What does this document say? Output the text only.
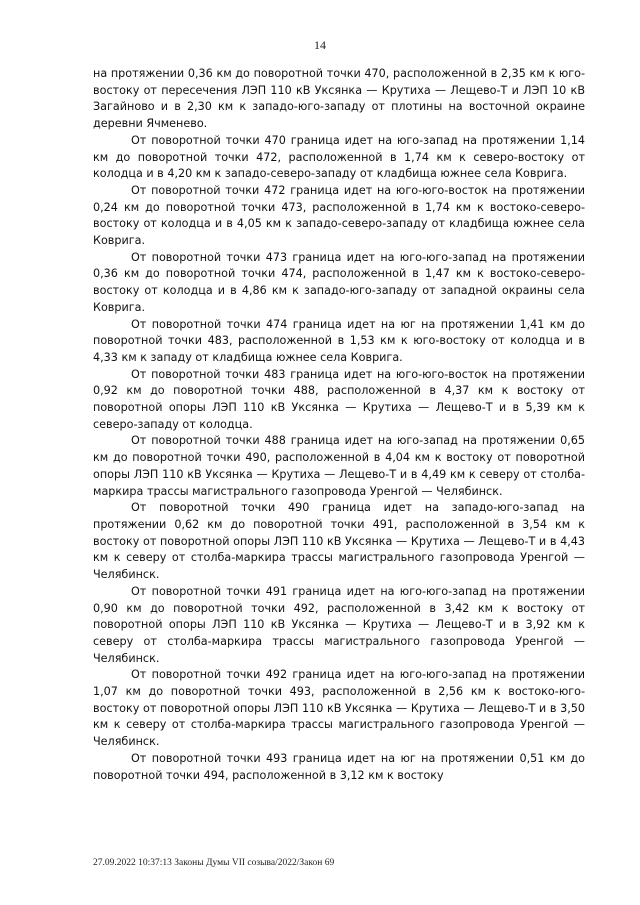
14

на протяжении 0,36 км до поворотной точки 470, расположенной в 2,35 км к юго-востоку от пересечения ЛЭП 110 кВ Уксянка — Крутиха — Лещево-Т и ЛЭП 10 кВ Загайново и в 2,30 км к западо-юго-западу от плотины на восточной окраине деревни Ячменево.

От поворотной точки 470 граница идет на юго-запад на протяжении 1,14 км до поворотной точки 472, расположенной в 1,74 км к северо-востоку от колодца и в 4,20 км к западо-северо-западу от кладбища южнее села Коврига.

От поворотной точки 472 граница идет на юго-юго-восток на протяжении 0,24 км до поворотной точки 473, расположенной в 1,74 км к востоко-северо-востоку от колодца и в 4,05 км к западо-северо-западу от кладбища южнее села Коврига.

От поворотной точки 473 граница идет на юго-юго-запад на протяжении 0,36 км до поворотной точки 474, расположенной в 1,47 км к востоко-северо-востоку от колодца и в 4,86 км к западо-юго-западу от западной окраины села Коврига.

От поворотной точки 474 граница идет на юг на протяжении 1,41 км до поворотной точки 483, расположенной в 1,53 км к юго-востоку от колодца и в 4,33 км к западу от кладбища южнее села Коврига.

От поворотной точки 483 граница идет на юго-юго-восток на протяжении 0,92 км до поворотной точки 488, расположенной в 4,37 км к востоку от поворотной опоры ЛЭП 110 кВ Уксянка — Крутиха — Лещево-Т и в 5,39 км к северо-западу от колодца.

От поворотной точки 488 граница идет на юго-запад на протяжении 0,65 км до поворотной точки 490, расположенной в 4,04 км к востоку от поворотной опоры ЛЭП 110 кВ Уксянка — Крутиха — Лещево-Т и в 4,49 км к северу от столба-маркира трассы магистрального газопровода Уренгой — Челябинск.

От поворотной точки 490 граница идет на западо-юго-запад на протяжении 0,62 км до поворотной точки 491, расположенной в 3,54 км к востоку от поворотной опоры ЛЭП 110 кВ Уксянка — Крутиха — Лещево-Т и в 4,43 км к северу от столба-маркира трассы магистрального газопровода Уренгой — Челябинск.

От поворотной точки 491 граница идет на юго-юго-запад на протяжении 0,90 км до поворотной точки 492, расположенной в 3,42 км к востоку от поворотной опоры ЛЭП 110 кВ Уксянка — Крутиха — Лещево-Т и в 3,92 км к северу от столба-маркира трассы магистрального газопровода Уренгой — Челябинск.

От поворотной точки 492 граница идет на юго-юго-запад на протяжении 1,07 км до поворотной точки 493, расположенной в 2,56 км к востоко-юго-востоку от поворотной опоры ЛЭП 110 кВ Уксянка — Крутиха — Лещево-Т и в 3,50 км к северу от столба-маркира трассы магистрального газопровода Уренгой — Челябинск.

От поворотной точки 493 граница идет на юг на протяжении 0,51 км до поворотной точки 494, расположенной в 3,12 км к востоку

27.09.2022 10:37:13 Законы Думы VII созыва/2022/Закон 69
